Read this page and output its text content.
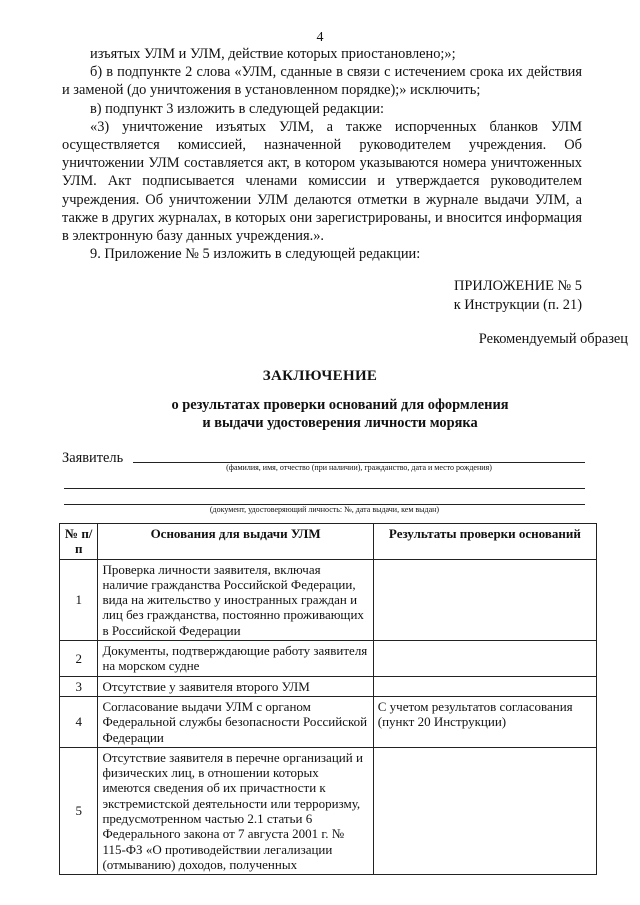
4

изъятых УЛМ и УЛМ, действие которых приостановлено;»;

б) в подпункте 2 слова «УЛМ, сданные в связи с истечением срока их действия и заменой (до уничтожения в установленном порядке);» исключить;

в) подпункт 3 изложить в следующей редакции:

«3) уничтожение изъятых УЛМ, а также испорченных бланков УЛМ осуществляется комиссией, назначенной руководителем учреждения. Об уничтожении УЛМ составляется акт, в котором указываются номера уничтоженных УЛМ. Акт подписывается членами комиссии и утверждается руководителем учреждения. Об уничтожении УЛМ делаются отметки в журнале выдачи УЛМ, а также в других журналах, в которых они зарегистрированы, и вносится информация в электронную базу данных учреждения.».

9. Приложение № 5 изложить в следующей редакции:

ПРИЛОЖЕНИЕ № 5
к Инструкции (п. 21)
Рекомендуемый образец
ЗАКЛЮЧЕНИЕ
о результатах проверки оснований для оформления
и выдачи удостоверения личности моряка
Заявитель
(фамилия, имя, отчество (при наличии), гражданство, дата и место рождения)
(документ, удостоверяющий личность: №, дата выдачи, кем выдан)
№ п/п	Основания для выдачи УЛМ	Результаты проверки оснований
1	Проверка личности заявителя, включая наличие гражданства Российской Федерации, вида на жительство у иностранных граждан и лиц без гражданства, постоянно проживающих в Российской Федерации	
2	Документы, подтверждающие работу заявителя на морском судне	
3	Отсутствие у заявителя второго УЛМ	
4	Согласование выдачи УЛМ с органом Федеральной службы безопасности Российской Федерации	С учетом результатов согласования (пункт 20 Инструкции)
5	Отсутствие заявителя в перечне организаций и физических лиц, в отношении которых имеются сведения об их причастности к экстремистской деятельности или терроризму, предусмотренном частью 2.1 статьи 6 Федерального закона от 7 августа 2001 г. № 115-ФЗ «О противодействии легализации (отмыванию) доходов, полученных	
